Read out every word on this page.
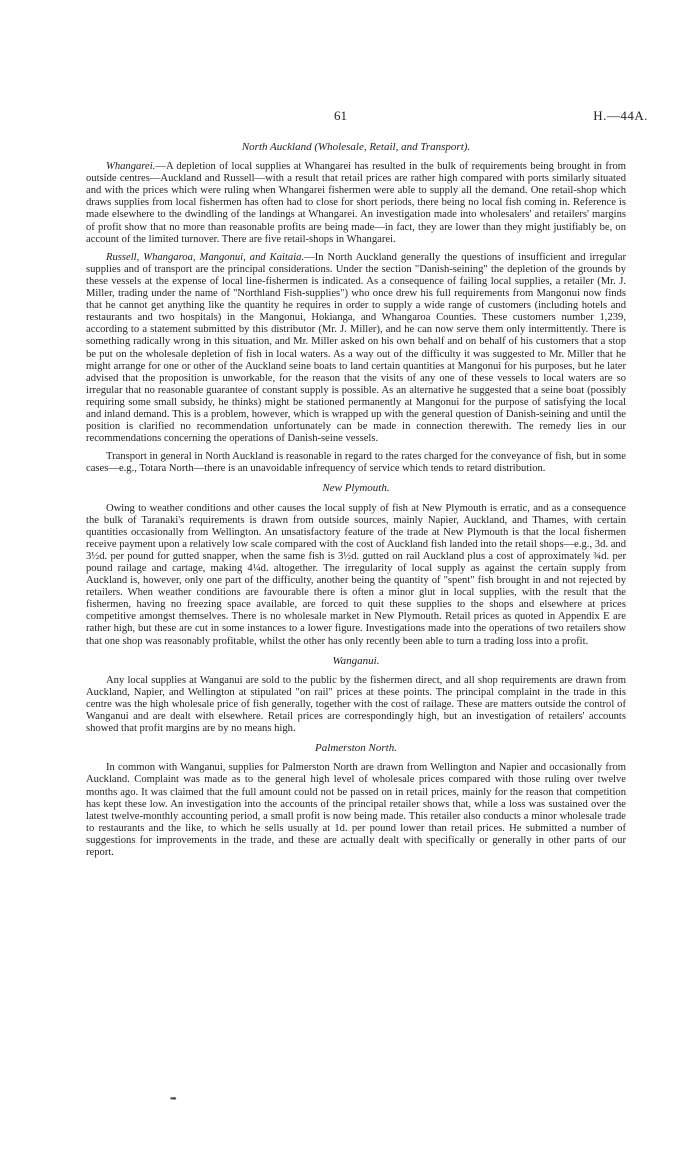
61	H.—44A.
North Auckland (Wholesale, Retail, and Transport).

Whangarei.—A depletion of local supplies at Whangarei has resulted in the bulk of requirements being brought in from outside centres—Auckland and Russell—with a result that retail prices are rather high compared with ports similarly situated and with the prices which were ruling when Whangarei fishermen were able to supply all the demand. One retail-shop which draws supplies from local fishermen has often had to close for short periods, there being no local fish coming in. Reference is made elsewhere to the dwindling of the landings at Whangarei. An investigation made into wholesalers' and retailers' margins of profit show that no more than reasonable profits are being made—in fact, they are lower than they might justifiably be, on account of the limited turnover. There are five retail-shops in Whangarei.

Russell, Whangaroa, Mangonui, and Kaitaia.—In North Auckland generally the questions of insufficient and irregular supplies and of transport are the principal considerations. Under the section "Danish-seining" the depletion of the grounds by these vessels at the expense of local line-fishermen is indicated. As a consequence of failing local supplies, a retailer (Mr. J. Miller, trading under the name of "Northland Fish-supplies") who once drew his full requirements from Mangonui now finds that he cannot get anything like the quantity he requires in order to supply a wide range of customers (including hotels and restaurants and two hospitals) in the Mangonui, Hokianga, and Whangaroa Counties. These customers number 1,239, according to a statement submitted by this distributor (Mr. J. Miller), and he can now serve them only intermittently. There is something radically wrong in this situation, and Mr. Miller asked on his own behalf and on behalf of his customers that a stop be put on the wholesale depletion of fish in local waters. As a way out of the difficulty it was suggested to Mr. Miller that he might arrange for one or other of the Auckland seine boats to land certain quantities at Mangonui for his purposes, but he later advised that the proposition is unworkable, for the reason that the visits of any one of these vessels to local waters are so irregular that no reasonable guarantee of constant supply is possible. As an alternative he suggested that a seine boat (possibly requiring some small subsidy, he thinks) might be stationed permanently at Mangonui for the purpose of satisfying the local and inland demand. This is a problem, however, which is wrapped up with the general question of Danish-seining and until the position is clarified no recommendation unfortunately can be made in connection therewith. The remedy lies in our recommendations concerning the operations of Danish-seine vessels.

Transport in general in North Auckland is reasonable in regard to the rates charged for the conveyance of fish, but in some cases—e.g., Totara North—there is an unavoidable infrequency of service which tends to retard distribution.

New Plymouth.

Owing to weather conditions and other causes the local supply of fish at New Plymouth is erratic, and as a consequence the bulk of Taranaki's requirements is drawn from outside sources, mainly Napier, Auckland, and Thames, with certain quantities occasionally from Wellington. An unsatisfactory feature of the trade at New Plymouth is that the local fishermen receive payment upon a relatively low scale compared with the cost of Auckland fish landed into the retail shops—e.g., 3d. and 3½d. per pound for gutted snapper, when the same fish is 3½d. gutted on rail Auckland plus a cost of approximately ¾d. per pound railage and cartage, making 4¼d. altogether. The irregularity of local supply as against the certain supply from Auckland is, however, only one part of the difficulty, another being the quantity of "spent" fish brought in and not rejected by retailers. When weather conditions are favourable there is often a minor glut in local supplies, with the result that the fishermen, having no freezing space available, are forced to quit these supplies to the shops and elsewhere at prices competitive amongst themselves. There is no wholesale market in New Plymouth. Retail prices as quoted in Appendix E are rather high, but these are cut in some instances to a lower figure. Investigations made into the operations of two retailers show that one shop was reasonably profitable, whilst the other has only recently been able to turn a trading loss into a profit.

Wanganui.

Any local supplies at Wanganui are sold to the public by the fishermen direct, and all shop requirements are drawn from Auckland, Napier, and Wellington at stipulated "on rail" prices at these points. The principal complaint in the trade in this centre was the high wholesale price of fish generally, together with the cost of railage. These are matters outside the control of Wanganui and are dealt with elsewhere. Retail prices are correspondingly high, but an investigation of retailers' accounts showed that profit margins are by no means high.

Palmerston North.

In common with Wanganui, supplies for Palmerston North are drawn from Wellington and Napier and occasionally from Auckland. Complaint was made as to the general high level of wholesale prices compared with those ruling over twelve months ago. It was claimed that the full amount could not be passed on in retail prices, mainly for the reason that competition has kept these low. An investigation into the accounts of the principal retailer shows that, while a loss was sustained over the latest twelve-monthly accounting period, a small profit is now being made. This retailer also conducts a minor wholesale trade to restaurants and the like, to which he sells usually at 1d. per pound lower than retail prices. He submitted a number of suggestions for improvements in the trade, and these are actually dealt with specifically or generally in other parts of our report.

➡
